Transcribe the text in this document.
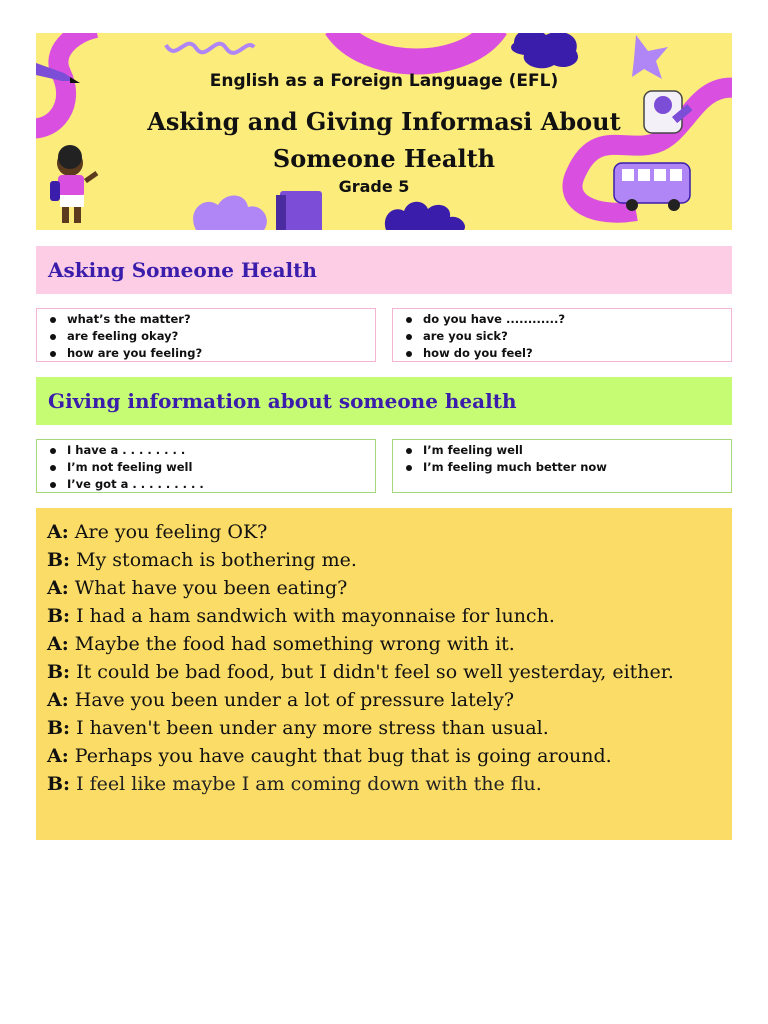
English as a Foreign Language (EFL)
Asking and Giving Informasi About Someone Health
Grade 5
Asking Someone Health
what’s the matter?
are feeling okay?
how are you feeling?
do you have ............?
are you sick?
how do you feel?
Giving information about someone health
I have a . . . . . . . .
I’m not feeling well
I’ve got a . . . . . . . . .
I’m feeling well
I’m feeling much better now
A: Are you feeling OK?
B: My stomach is bothering me.
A: What have you been eating?
B: I had a ham sandwich with mayonnaise for lunch.
A: Maybe the food had something wrong with it.
B: It could be bad food, but I didn't feel so well yesterday, either.
A: Have you been under a lot of pressure lately?
B: I haven't been under any more stress than usual.
A: Perhaps you have caught that bug that is going around.
B: I feel like maybe I am coming down with the flu.
